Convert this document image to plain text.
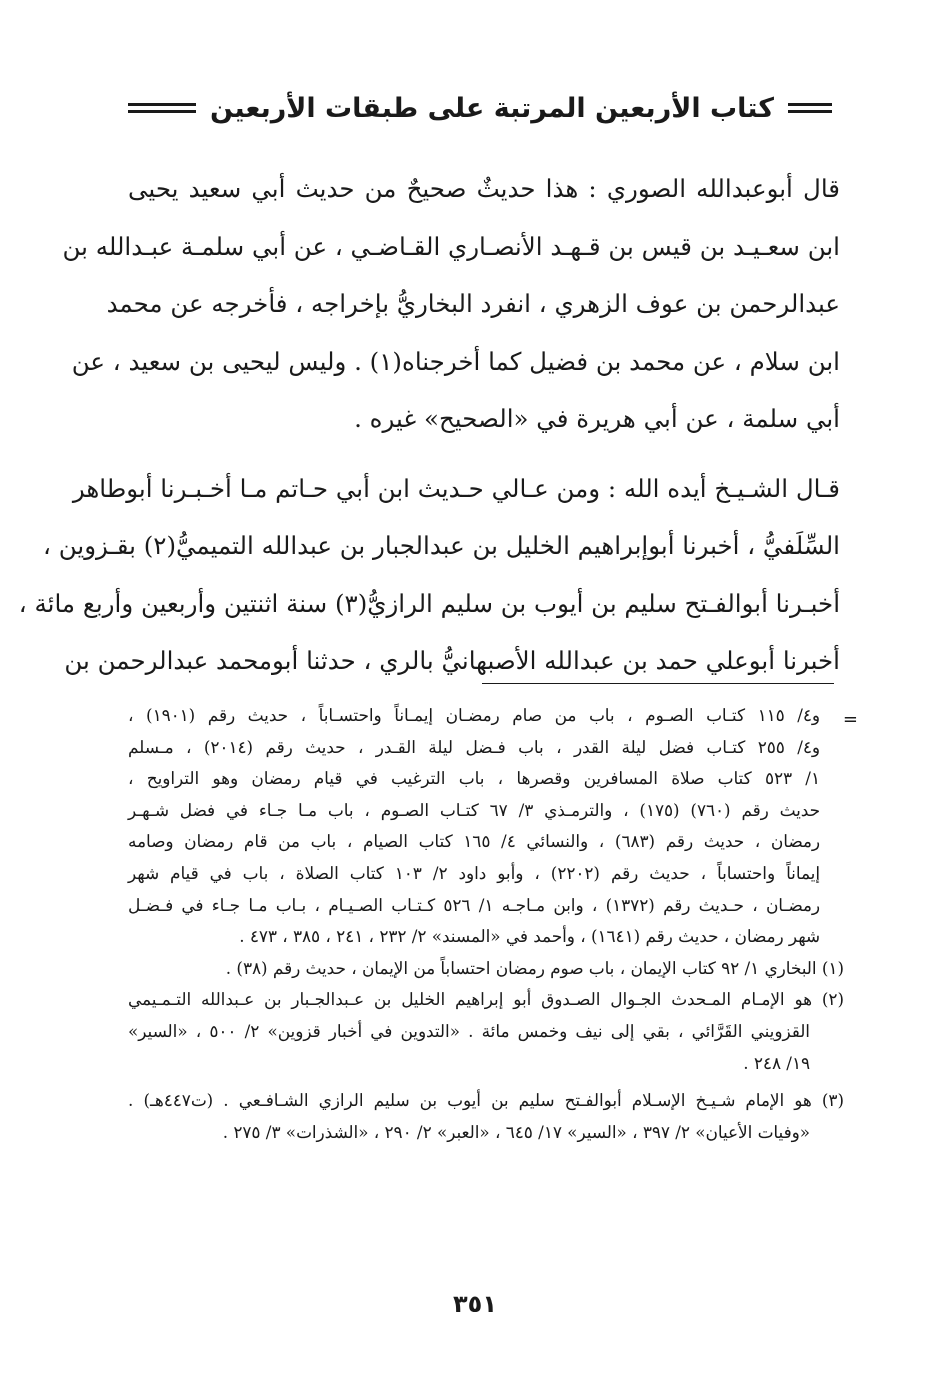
كتاب الأربعين المرتبة على طبقات الأربعين

قال أبوعبدالله الصوري : هذا حديثٌ صحيحٌ من حديث أبي سعيد يحيى
ابن سعـيـد بن قيس بن قـهـد الأنصـاري القـاضـي ، عن أبي سلمـة عبـدالله بن
عبدالرحمن بن عوف الزهري ، انفرد البخاريُّ بإخراجه ، فأخرجه عن محمد
ابن سلام ، عن محمد بن فضيل كما أخرجناه(١) . وليس ليحيى بن سعيد ، عن
أبي سلمة ، عن أبي هريرة في «الصحيح» غيره .

قـال الشـيـخ أيده الله : ومن عـالي حـديث ابن أبي حـاتم مـا أخـبـرنا أبوطاهر
السِّلَفيُّ ، أخبرنا أبوإبراهيم الخليل بن عبدالجبار بن عبدالله التميميُّ(٢) بقـزوين ،
أخبـرنا أبوالفـتح سليم بن أيوب بن سليم الرازيُّ(٣) سنة اثنتين وأربعين وأربع مائة ،
أخبرنا أبوعلي حمد بن عبدالله الأصبهانيُّ بالري ، حدثنا أبومحمد عبدالرحمن بن

=
و٤/ ١١٥ كتـاب الصـوم ، باب من صام رمضـان إيمـاناً واحتسـاباً ، حديث رقم (١٩٠١) ،
و٤/ ٢٥٥ كتـاب فضل ليلة القدر ، باب فـضل ليلة القـدر ، حديث رقم (٢٠١٤) ، مـسلم
١/ ٥٢٣ كتاب صلاة المسافرين وقصرها ، باب الترغيب في قيام رمضان وهو التراويح ،
حديث رقم (٧٦٠) (١٧٥) ، والترمـذي ٣/ ٦٧ كتـاب الصـوم ، باب مـا جـاء في فضل شـهـر
رمضان ، حديث رقم (٦٨٣) ، والنسائي ٤/ ١٦٥ كتاب الصيام ، باب من قام رمضان وصامه
إيماناً واحتساباً ، حديث رقم (٢٢٠٢) ، وأبو داود ٢/ ١٠٣ كتاب الصلاة ، باب في قيام شهر
رمضـان ، حـديث رقم (١٣٧٢) ، وابن مـاجـه ١/ ٥٢٦ كـتـاب الصـيـام ، بـاب مـا جـاء في فـضـل
شهر رمضان ، حديث رقم (١٦٤١) ، وأحمد في «المسند» ٢/ ٢٣٢ ، ٢٤١ ، ٣٨٥ ، ٤٧٣ .
(١) البخاري ١/ ٩٢ كتاب الإيمان ، باب صوم رمضان احتساباً من الإيمان ، حديث رقم (٣٨) .
(٢) هو الإمـام المـحدث الجـوال الصـدوق أبو إبراهيم الخليل بن عـبدالجـبار بن عـبدالله التـمـيمي
القزويني القَرَّائي ، بقي إلى نيف وخمس مائة . «التدوين في أخبار قزوين» ٢/ ٥٠٠ ، «السير»
١٩/ ٢٤٨ .
(٣) هو الإمام شـيـخ الإسـلام أبوالفـتح سليم بن أيوب بن سليم الرازي الشـافـعي . (ت٤٤٧هـ) .
«وفيات الأعيان» ٢/ ٣٩٧ ، «السير» ١٧/ ٦٤٥ ، «العبر» ٢/ ٢٩٠ ، «الشذرات» ٣/ ٢٧٥ .
٣٥١
